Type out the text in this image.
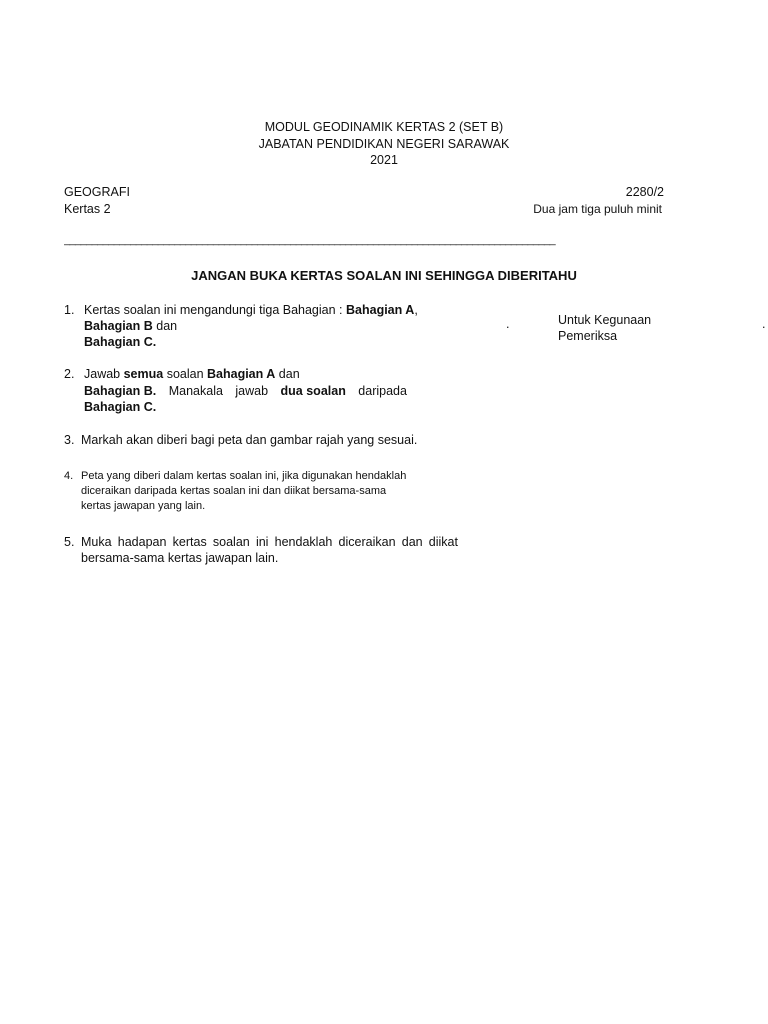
MODUL GEODINAMIK KERTAS 2 (SET B)
JABATAN PENDIDIKAN NEGERI SARAWAK
2021
GEOGRAFI	2280/2
Kertas 2	Dua jam tiga puluh minit
_________________________________________________________________________________________
JANGAN BUKA KERTAS SOALAN INI SEHINGGA DIBERITAHU
1. Kertas soalan ini mengandungi tiga Bahagian : Bahagian A,
Bahagian B dan
Bahagian C.
.	Untuk Kegunaan
Pemeriksa
.
2. Jawab semua soalan Bahagian A dan
Bahagian B. Manakala jawab dua soalan daripada
Bahagian C.
3. Markah akan diberi bagi peta dan gambar rajah yang sesuai.
4. Peta yang diberi dalam kertas soalan ini, jika digunakan hendaklah
diceraikan daripada kertas soalan ini dan diikat bersama-sama
kertas jawapan yang lain.
5. Muka hadapan kertas soalan ini hendaklah diceraikan dan diikat
bersama-sama kertas jawapan lain.
